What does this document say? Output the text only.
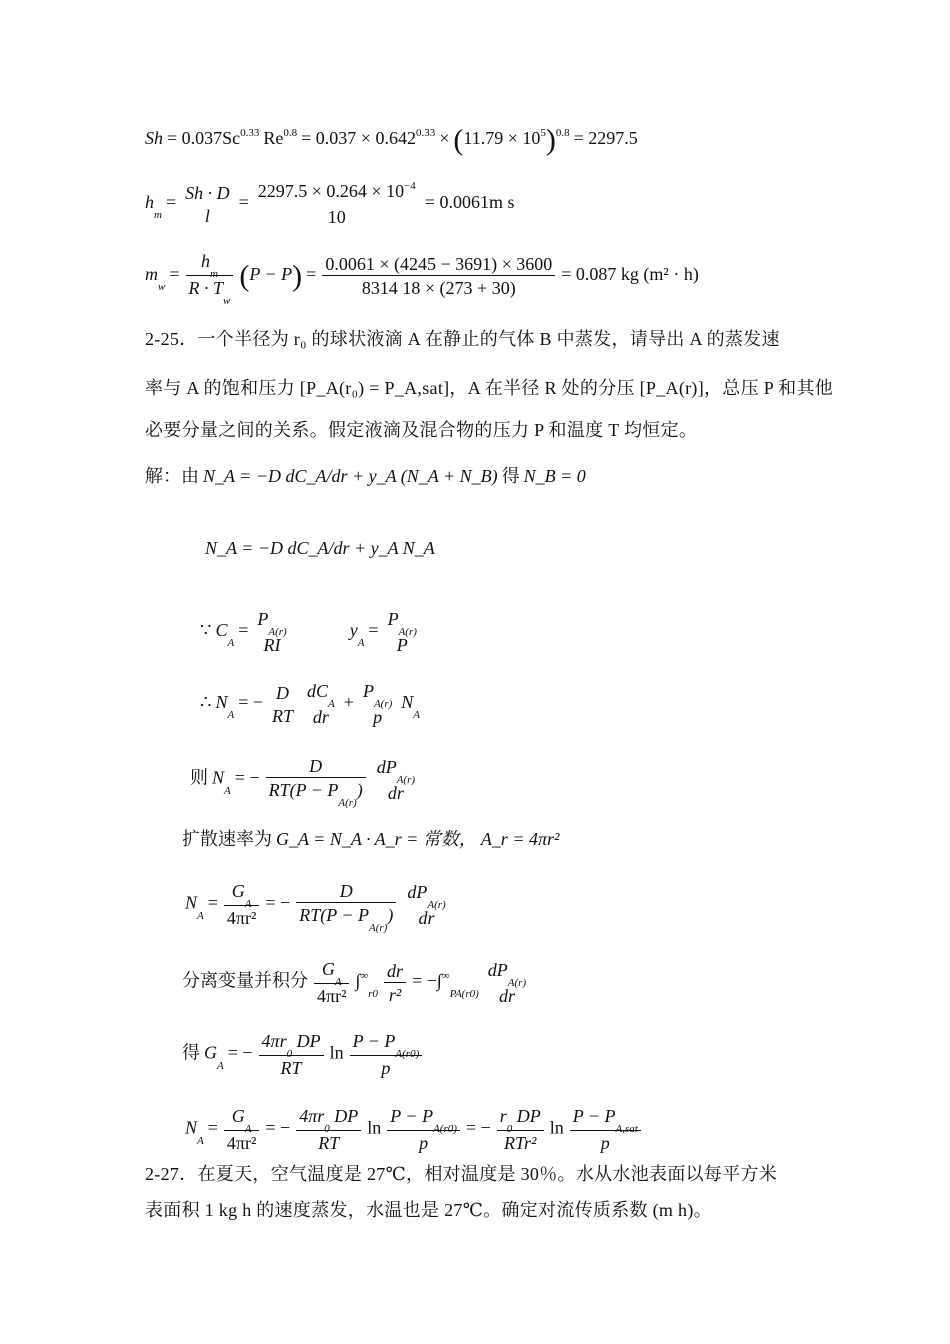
$Sh = 0.037Sc^{0.33}$ $Re^{0.8} = 0.037 \times 0.642^{0.33} \times (11.79 \times 10^5)^{0.8} = 2297.5$
$h_m = Sh \cdot D$
l
=
$2297.5 \times 0.264 \times 10^{-4}$
10
= 0.0061m s
$m_w = \frac{h_m}{R \cdot T_w} (P - P) = \frac{0.0061 \times (4245 - 3691) \times 3600}{8314 18 \times (273 + 30)} = 0.087$ kg (m² · h)
2-25．一个半径为 r₀ 的球状液滴 A 在静止的气体 B 中蒸发，请导出 A 的蒸发速
率与 A 的饱和压力 [P_A(r₀) = P_A,sat]，A 在半径 R 处的分压 [P_A(r)]，总压 P 和其他
必要分量之间的关系。假定液滴及混合物的压力 P 和温度 T 均恒定。
解：由 N_A = −D dC_A/dr + y_A (N_A + N_B) 得 N_B = 0
N_A = −D dC_A/dr + y_A N_A
∵ $C_A$ =
$P_{A(r)}$
RI
$y_A$ =
$P_{A(r)}$
P
∴ $N_A$ = − D
RT

$dC_A$
dr
+
$P_{A(r)}$
p
$N_A$
则 $N_A$ = − $\frac{D}{RT(P - P_{A(r)})}$
$dP_{A(r)}$
dr
扩散速率为 G_A = N_A · A_r = 常数， A_r = 4πr²
$N_A = \frac{G_A}{\text{4πr²}}$ = − $\frac{D}{RT(P - P_{A(r)})}$
$dP_{A(r)}$
dr
分离变量并积分 $\frac{G_A}{\text{4πr²}} \int^\infty_{r0} \frac{dr}{\text{r²}} = -\int^\infty_{PA(r0)}$
$dP_{A(r)}$
dr
得 $G_A$ = − $\frac{4\pi r_0 DP}{RT}$ $\ln \frac{P - P_{A(r0)}}{p}$
$N_A = \frac{G_A}{\text{4πr²}}$ = − $\frac{4\pi r_0 DP}{RT}$ $\ln \frac{P - P_{A(r0)}}{p}$ = − $\frac{r_0 DP}{\text{RTr²}}$ $\ln \frac{P - P_{A,sat}}{p}$
2-27．在夏天，空气温度是 27℃，相对温度是 30％。水从水池表面以每平方米
表面积 1 kg h 的速度蒸发，水温也是 27℃。确定对流传质系数 (m h)。
